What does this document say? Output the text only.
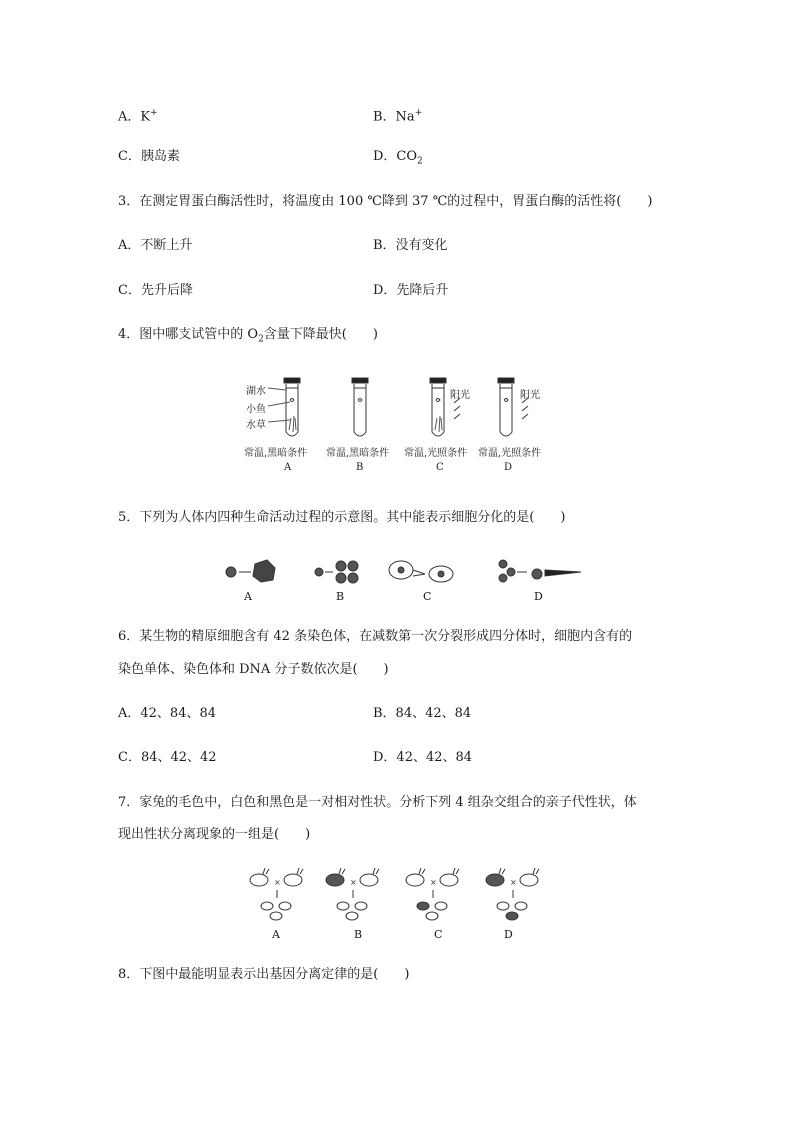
A．K+	B．Na+
C．胰岛素	D．$CO_2$
3．在测定胃蛋白酶活性时，将温度由 100 ℃降到 37 ℃的过程中，胃蛋白酶的活性将(　　)
A．不断上升	B．没有变化
C．先升后降	D．先降后升
4．图中哪支试管中的 $O_2$含量下降最快(　　)
湖水
小鱼
水草
阳光	阳光
常温,黑暗条件 常温,黑暗条件 常温,光照条件 常温,光照条件
A	B	C	D
5．下列为人体内四种生命活动过程的示意图。其中能表示细胞分化的是(　　)
A	B	C	D
6．某生物的精原细胞含有 42 条染色体，在减数第一次分裂形成四分体时，细胞内含有的
染色单体、染色体和 DNA 分子数依次是(　　)
A．42、84、84	B．84、42、84
C．84、42、42	D．42、42、84
7．家兔的毛色中，白色和黑色是一对相对性状。分析下列 4 组杂交组合的亲子代性状，体
现出性状分离现象的一组是(　　)
×	×	×	×
A	B	C	D
8．下图中最能明显表示出基因分离定律的是(　　)
